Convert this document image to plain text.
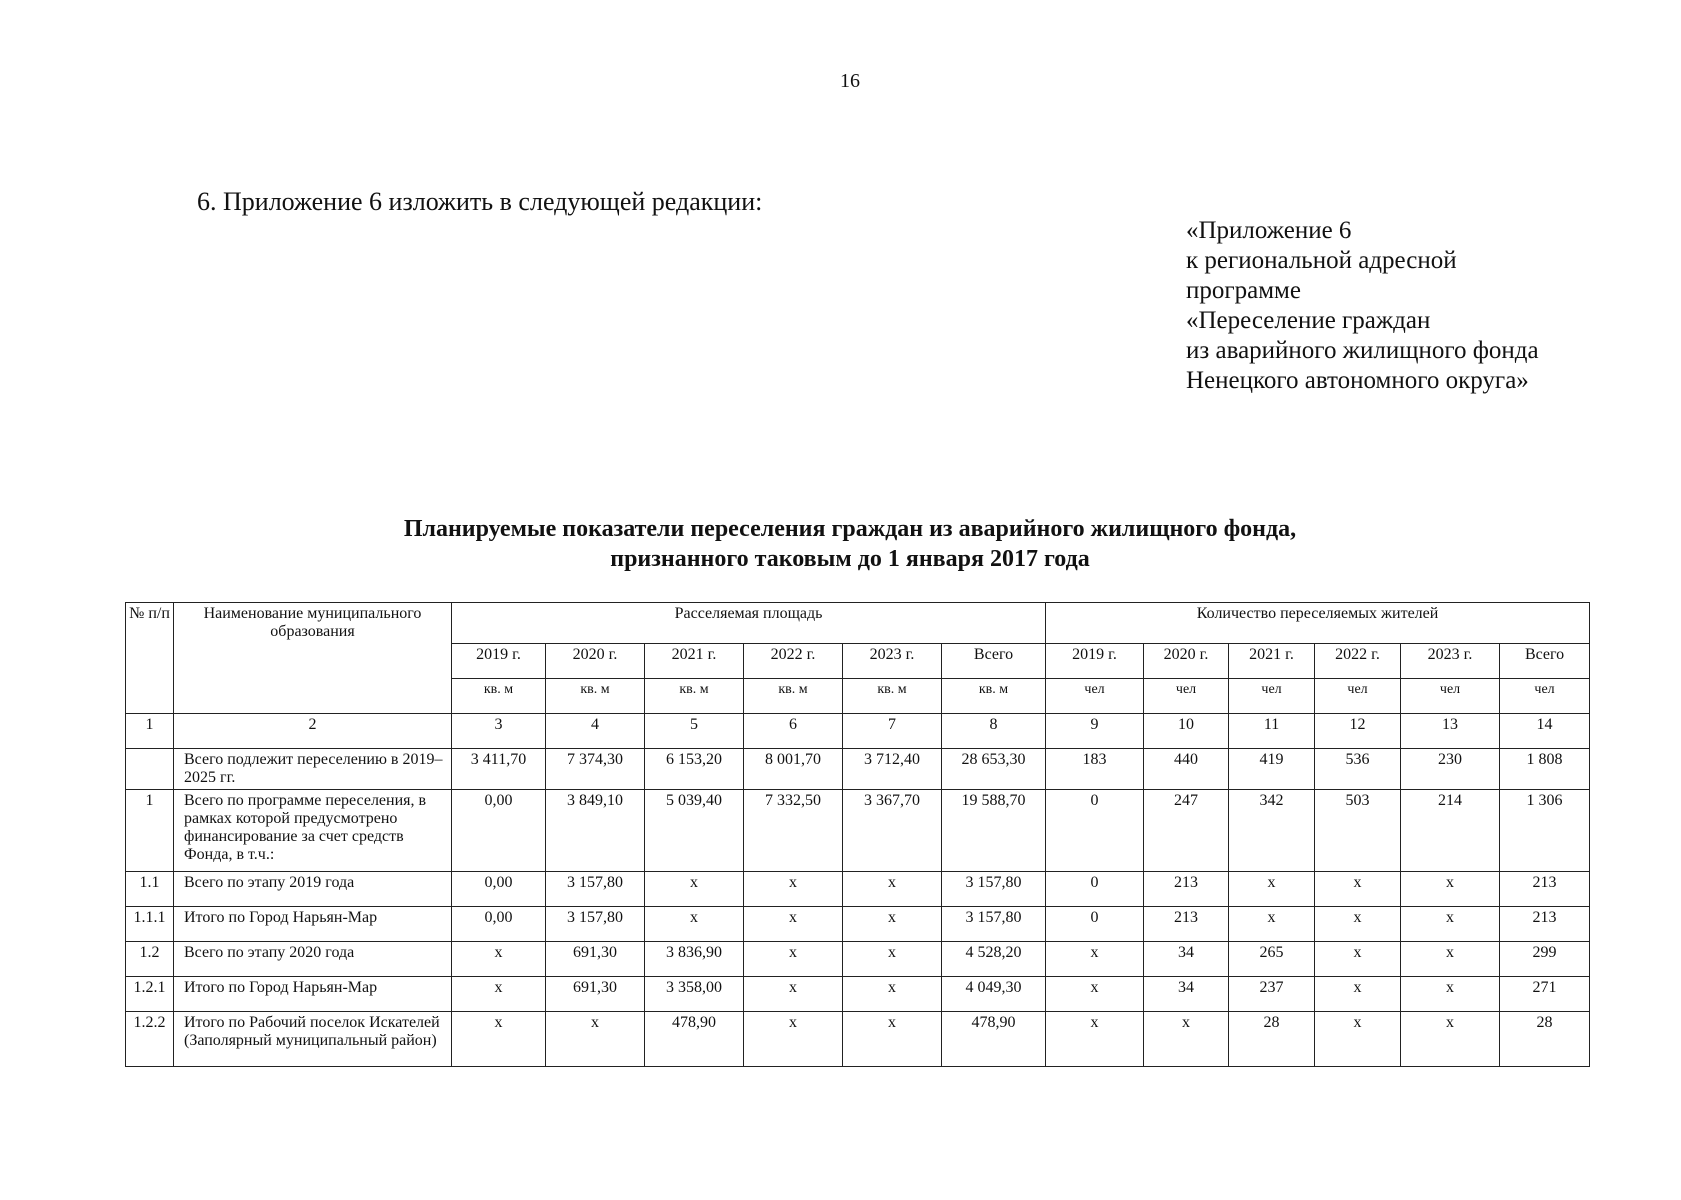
16
6. Приложение 6 изложить в следующей редакции:
«Приложение 6
к региональной адресной
программе
«Переселение граждан
из аварийного жилищного фонда
Ненецкого автономного округа»
Планируемые показатели переселения граждан из аварийного жилищного фонда,
признанного таковым до 1 января 2017 года
№ п/п	Наименование муниципального образования	Расселяемая площадь						Количество переселяемых жителей					
		2019 г.	2020 г.	2021 г.	2022 г.	2023 г.	Всего	2019 г.	2020 г.	2021 г.	2022 г.	2023 г.	Всего
		кв. м	кв. м	кв. м	кв. м	кв. м	кв. м	чел	чел	чел	чел	чел	чел
1	2	3	4	5	6	7	8	9	10	11	12	13	14
	Всего подлежит переселению в 2019–2025 гг.	3 411,70	7 374,30	6 153,20	8 001,70	3 712,40	28 653,30	183	440	419	536	230	1 808
1	Всего по программе переселения, в рамках которой предусмотрено финансирование за счет средств Фонда, в т.ч.:	0,00	3 849,10	5 039,40	7 332,50	3 367,70	19 588,70	0	247	342	503	214	1 306
1.1	Всего по этапу 2019 года	0,00	3 157,80	х	х	х	3 157,80	0	213	х	х	х	213
1.1.1	Итого по Город Нарьян-Мар	0,00	3 157,80	х	х	х	3 157,80	0	213	х	х	х	213
1.2	Всего по этапу 2020 года	х	691,30	3 836,90	х	х	4 528,20	х	34	265	х	х	299
1.2.1	Итого по Город Нарьян-Мар	х	691,30	3 358,00	х	х	4 049,30	х	34	237	х	х	271
1.2.2	Итого по Рабочий поселок Искателей (Заполярный муниципальный район)	х	х	478,90	х	х	478,90	х	х	28	х	х	28
